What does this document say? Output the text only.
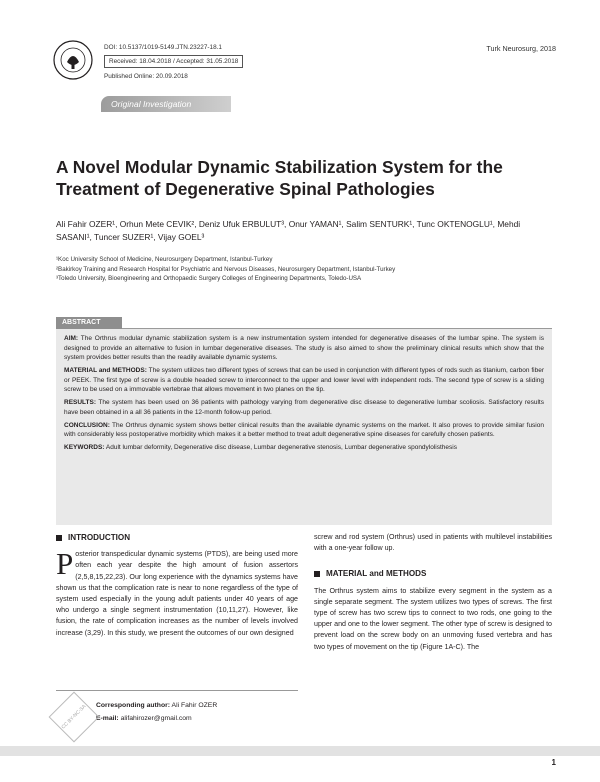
DOI: 10.5137/1019-5149.JTN.23227-18.1
Received: 18.04.2018 / Accepted: 31.05.2018
Published Online: 20.09.2018
Turk Neurosurg, 2018
Original Investigation
A Novel Modular Dynamic Stabilization System for the Treatment of Degenerative Spinal Pathologies
Ali Fahir OZER¹, Orhun Mete CEVIK², Deniz Ufuk ERBULUT³, Onur YAMAN¹, Salim SENTURK¹, Tunc OKTENOGLU¹, Mehdi SASANI¹, Tuncer SUZER¹, Vijay GOEL³
¹Koc University School of Medicine, Neurosurgery Department, Istanbul-Turkey
²Bakirkoy Training and Research Hospital for Psychiatric and Nervous Diseases, Neurosurgery Department, Istanbul-Turkey
³Toledo University, Bioengineering and Orthopaedic Surgery Colleges of Engineering Departments, Toledo-USA
ABSTRACT

AIM: The Orthrus modular dynamic stabilization system is a new instrumentation system intended for degenerative diseases of the lumbar spine. The system is designed to provide an alternative to fusion in lumbar degenerative diseases. The study is also aimed to show the preliminary clinical results which show that the system provides better results than the readily available dynamic systems.

MATERIAL and METHODS: The system utilizes two different types of screws that can be used in conjunction with different types of rods such as titanium, carbon fiber or PEEK. The first type of screw is a double headed screw to interconnect to the upper and lower level with independent rods. The second type of screw is a sliding screw to be used on a immovable vertebrae that allows movement in two planes on the tip.

RESULTS: The system has been used on 36 patients with pathology varying from degenerative disc disease to degenerative lumbar scoliosis. Satisfactory results have been obtained in a all 36 patients in the 12-month follow-up period.

CONCLUSION: The Orthrus dynamic system shows better clinical results than the available dynamic systems on the market. It also proves to provide similar fusion with considerably less postoperative morbidity which makes it a better method to treat adult degenerative spine diseases for carefully chosen patients.

KEYWORDS: Adult lumbar deformity, Degenerative disc disease, Lumbar degenerative stenosis, Lumbar degenerative spondylolisthesis

INTRODUCTION

Posterior transpedicular dynamic systems (PTDS), are being used more often each year despite the high amount of fusion assertors (2,5,8,15,22,23). Our long experience with the dynamics systems have shown us that the complication rate is near to none regardless of the type of system used especially in the young adult patients under 40 years of age who undergo a single segment instrumentation (10,11,27). However, like fusion, the rate of complication increases as the number of levels involved increase (3,29). In this study, we present the outcomes of our own designed

screw and rod system (Orthrus) used in patients with multilevel instabilities with a one-year follow up.

MATERIAL and METHODS

The Orthrus system aims to stabilize every segment in the system as a single separate segment. The system utilizes two types of screws. The first type of screw has two screw tips to connect to two rods, one going to the upper and one to the lower segment. The other type of screw is designed to prevent load on the screw body on an unmoving fused vertebra and has two types of movement on the tip (Figure 1A-C). The

CC BY-NC-SA	Corresponding author: Ali Fahir OZER
E-mail: alifahirozer@gmail.com
1
